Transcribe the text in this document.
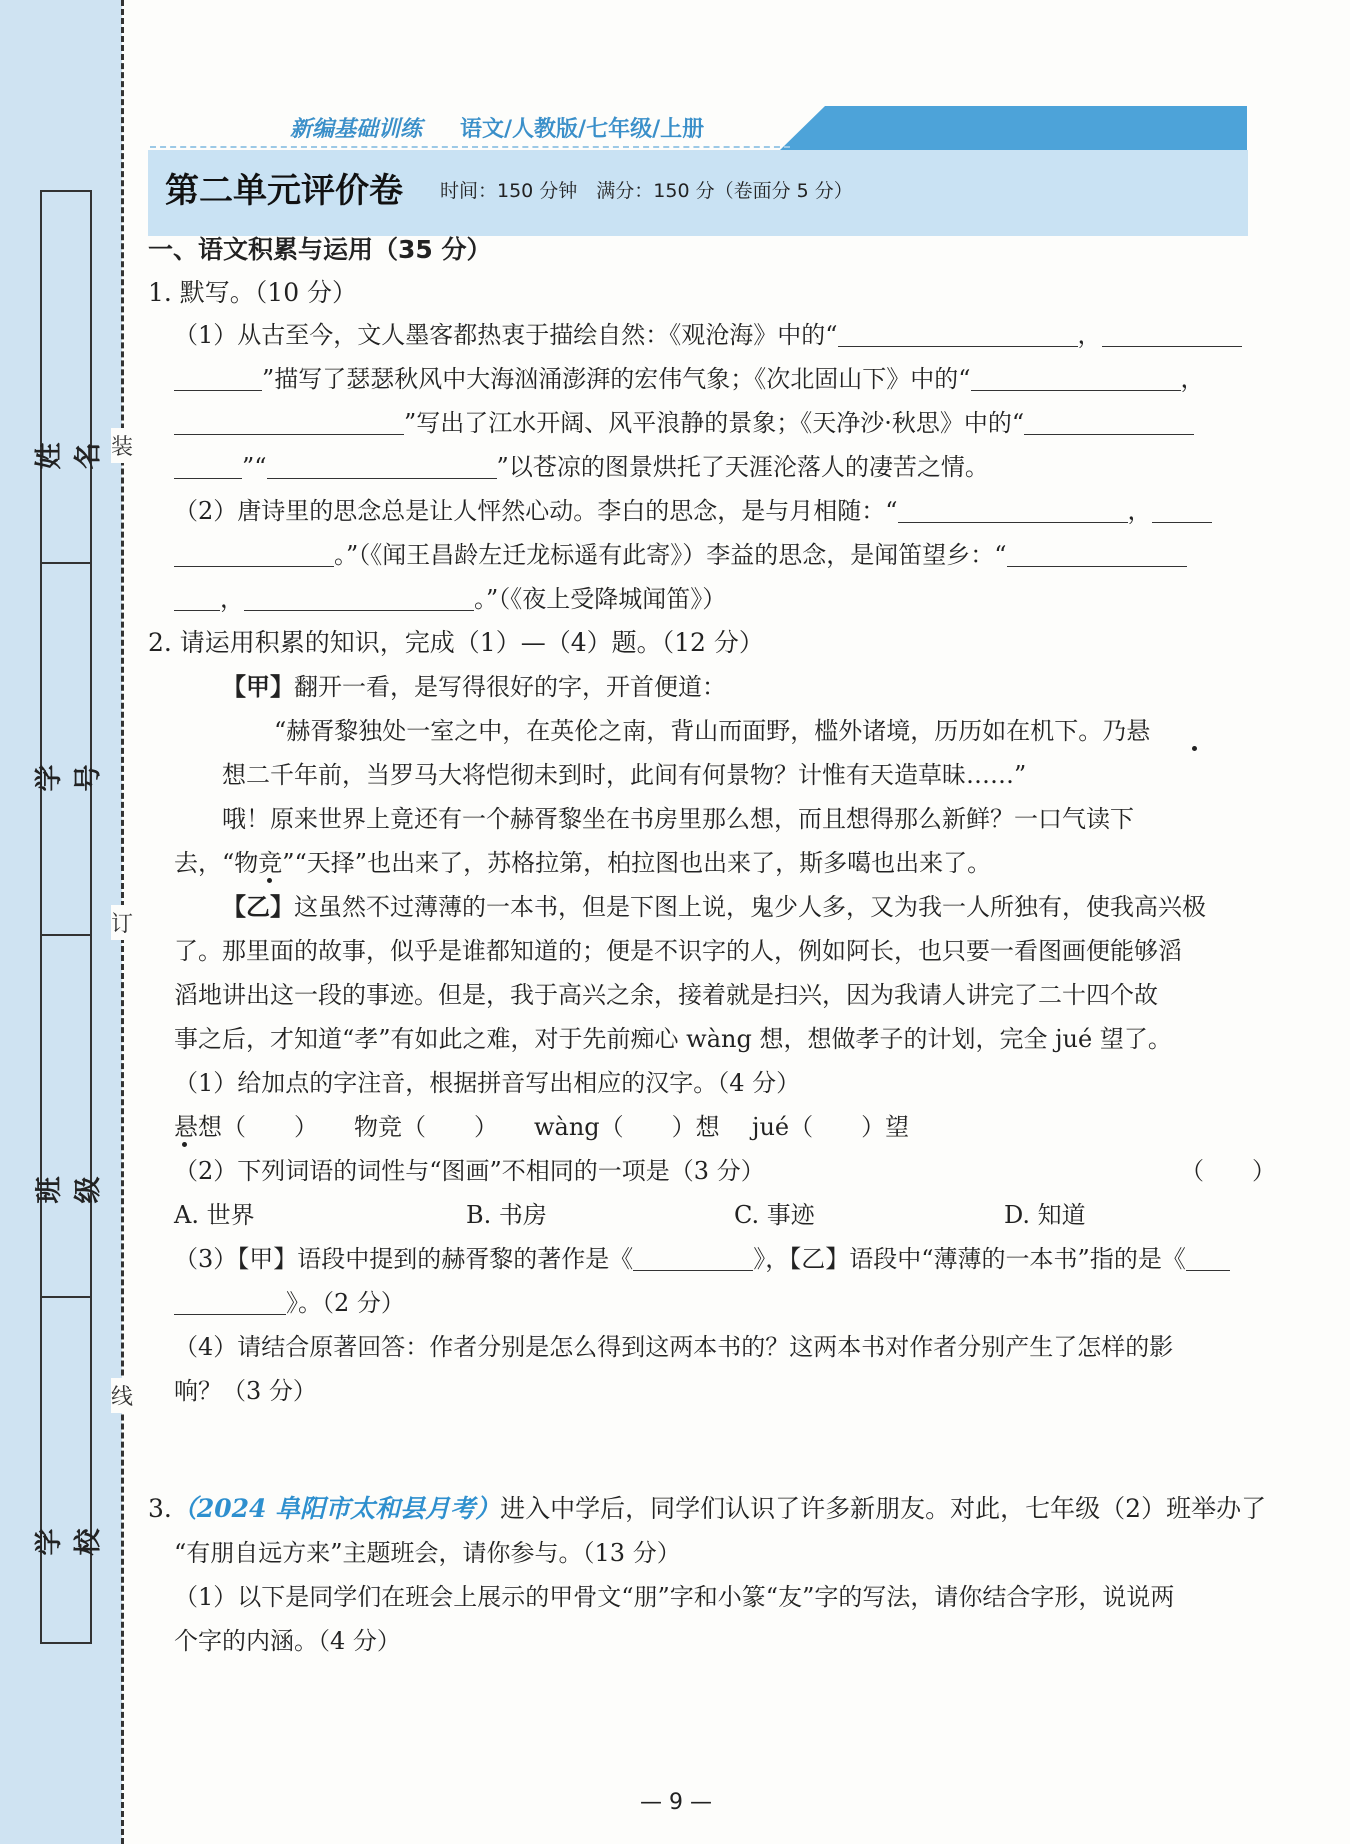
姓名
学号
班级
学校
装
订
线
新编基础训练 语文/人教版/七年级/上册
第二单元评价卷 时间：150 分钟　满分：150 分（卷面分 5 分）
一、语文积累与运用（35 分）
1. 默写。（10 分）
（1）从古至今，文人墨客都热衷于描绘自然：《观沧海》中的“	，
”描写了瑟瑟秋风中大海汹涌澎湃的宏伟气象；《次北固山下》中的“	，
”写出了江水开阔、风平浪静的景象；《天净沙·秋思》中的“
”“	”以苍凉的图景烘托了天涯沦落人的凄苦之情。
（2）唐诗里的思念总是让人怦然心动。李白的思念，是与月相随：“	，
。”（《闻王昌龄左迁龙标遥有此寄》）李益的思念，是闻笛望乡：“
，	。”（《夜上受降城闻笛》）
2. 请运用积累的知识，完成（1）—（4）题。（12 分）
【甲】翻开一看，是写得很好的字，开首便道：
“赫胥黎独处一室之中，在英伦之南，背山而面野，槛外诸境，历历如在机下。乃悬
想二千年前，当罗马大将恺彻未到时，此间有何景物？计惟有天造草昧……”
哦！原来世界上竟还有一个赫胥黎坐在书房里那么想，而且想得那么新鲜？一口气读下
去，“物竞”“天择”也出来了，苏格拉第，柏拉图也出来了，斯多噶也出来了。
【乙】这虽然不过薄薄的一本书，但是下图上说，鬼少人多，又为我一人所独有，使我高兴极
了。那里面的故事，似乎是谁都知道的；便是不识字的人，例如阿长，也只要一看图画便能够滔
滔地讲出这一段的事迹。但是，我于高兴之余，接着就是扫兴，因为我请人讲完了二十四个故
事之后，才知道“孝”有如此之难，对于先前痴心 wàng 想，想做孝子的计划，完全 jué 望了。
（1）给加点的字注音，根据拼音写出相应的汉字。（4 分）
悬想（　　） 物竞（　　） wàng（　　）想 jué（　　）望
（2）下列词语的词性与“图画”不相同的一项是（3 分）	（　　）
A. 世界	B. 书房	C. 事迹	D. 知道
（3）【甲】语段中提到的赫胥黎的著作是《	》，【乙】语段中“薄薄的一本书”指的是《
》。（2 分）
（4）请结合原著回答：作者分别是怎么得到这两本书的？这两本书对作者分别产生了怎样的影
响？（3 分）
3.（2024 阜阳市太和县月考）进入中学后，同学们认识了许多新朋友。对此，七年级（2）班举办了
“有朋自远方来”主题班会，请你参与。（13 分）
（1）以下是同学们在班会上展示的甲骨文“朋”字和小篆“友”字的写法，请你结合字形，说说两
个字的内涵。（4 分）
— 9 —
